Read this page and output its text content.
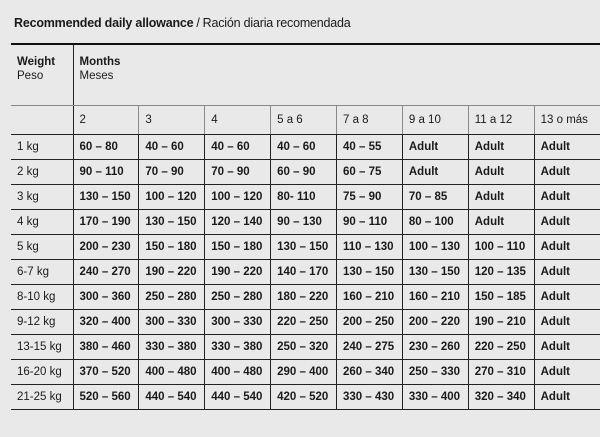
Recommended daily allowance / Ración diaria recomendada
Weight
Peso	Months
Meses							

	2	3	4	5 a 6	7 a 8	9 a 10	11 a 12	13 o más
1 kg	60 – 80	40 – 60	40 – 60	40 – 60	40 – 55	Adult	Adult	Adult
2 kg	90 – 110	70 – 90	70 – 90	60 – 90	60 – 75	Adult	Adult	Adult
3 kg	130 – 150	100 – 120	100 – 120	80- 110	75 – 90	70 – 85	Adult	Adult
4 kg	170 – 190	130 – 150	120 – 140	90 – 130	90 – 110	80 – 100	Adult	Adult
5 kg	200 – 230	150 – 180	150 – 180	130 – 150	110 – 130	100 – 130	100 – 110	Adult
6-7 kg	240 – 270	190 – 220	190 – 220	140 – 170	130 – 150	130 – 150	120 – 135	Adult
8-10 kg	300 – 360	250 – 280	250 – 280	180 – 220	160 – 210	160 – 210	150 – 185	Adult
9-12 kg	320 – 400	300 – 330	300 – 330	220 – 250	200 – 250	200 – 220	190 – 210	Adult
13-15 kg	380 – 460	330 – 380	330 – 380	250 – 320	240 – 275	230 – 260	220 – 250	Adult
16-20 kg	370 – 520	400 – 480	400 – 480	290 – 400	260 – 340	250 – 330	270 – 310	Adult
21-25 kg	520 – 560	440 – 540	440 – 540	420 – 520	330 – 430	330 – 400	320 – 340	Adult
